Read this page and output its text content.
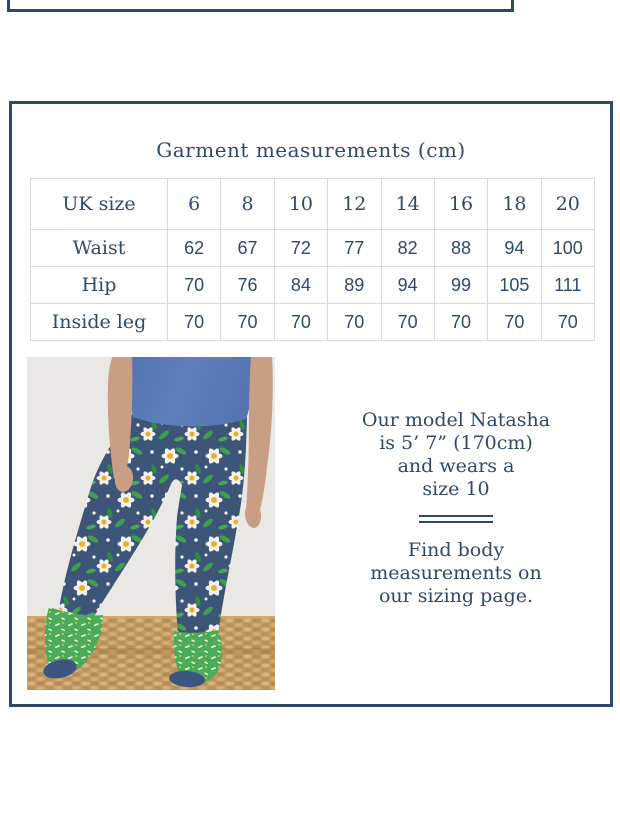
Garment measurements (cm)
UK size	6	8	10	12	14	16	18	20
Waist	62	67	72	77	82	88	94	100
Hip	70	76	84	89	94	99	105	111
Inside leg	70	70	70	70	70	70	70	70
Our model Natasha
is 5’ 7” (170cm)
and wears a
size 10
Find body
measurements on
our sizing page.
